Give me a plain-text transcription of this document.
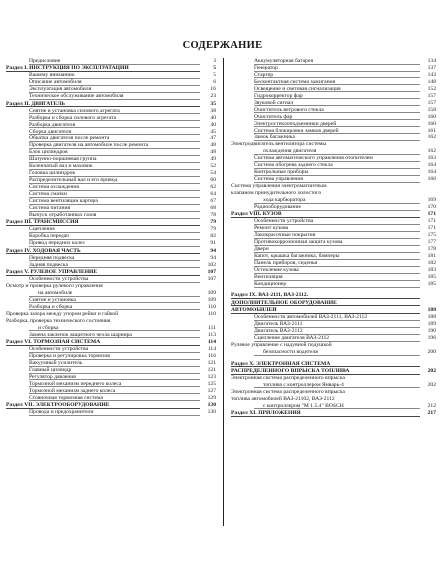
СОДЕРЖАНИЕ
Предисловие	3
Раздел I. ИНСТРУКЦИЯ ПО ЭКСПЛУАТАЦИИ	5
Вашему вниманию	5
Описание автомобиля	6
Эксплуатация автомобиля	16
Техническое обслуживание автомобиля	23
Раздел II. ДВИГАТЕЛЬ	35
Снятие и установка силового агрегата	38
Разборка и сборка силового агрегата	40
Разборка двигателя	40
Сборка двигателя	45
Обкатка двигателя после ремонта	47
Проверка двигателя на автомобиле после ремонта	48
Блок цилиндров	48
Шатунно-поршневая группа	49
Коленчатый вал и маховик	52
Головка цилиндров	54
Распределительный вал и его привод	60
Система охлаждения	62
Система смазки	64
Система вентиляции картера	67
Система питания	68
Выпуск отработанных газов	78
Раздел III. ТРАНСМИССИЯ	79
Сцепление	79
Коробка передач	82
Привод передних колес	91
Раздел IV. ХОДОВАЯ ЧАСТЬ	94
Передняя подвеска	94
Задняя подвеска	102
Раздел V. РУЛЕВОЕ УПРАВЛЕНИЕ	107
Особенности устройства	107
Осмотр и проверка рулевого управления
на автомобиле	109
Снятие и установка	109
Разборка и сборка	110
Проверка зазора между упором рейки и гайкой	110
Разборка, проверка технического состояния
и сборка	111
Замена заклепок защитного чехла шарнира	113
Раздел VI. ТОРМОЗНАЯ СИСТЕМА	114
Особенности устройства	114
Проверка и регулировка тормозов	116
Вакуумный усилитель	121
Главный цилиндр	121
Регулятор давления	123
Тормозной механизм переднего колеса	125
Тормозной механизм заднего колеса	127
Стояночная тормозная система	129
Раздел VII. ЭЛЕКТРООБОРУДОВАНИЕ	130
Провода и предохранители	130
Аккумуляторная батарея	134
Генератор	137
Стартер	143
Бесконтактная система зажигания	148
Освещение и световая сигнализация	152
Гидрокорректор фар	157
Звуковой сигнал	157
Очиститель ветрового стекла	158
Очиститель фар	160
Электростеклоподъемники дверей	160
Система блокировки замков дверей	161
Замок багажника	162
Электродвигатель вентилятора системы
охлаждения двигателя	162
Система автоматического управления отопителем	163
Система обогрева заднего стекла	164
Контрольные приборы	164
Система управления	166
Система управления электромагнитным
клапаном принудительного холостого
хода карбюратора	169
Радиооборудование	170
Раздел VIII. КУЗОВ	171
Особенности устройства	171
Ремонт кузова	171
Лакокрасочные покрытия	175
Противокоррозионная защита кузова	177
Двери	178
Капот, крышка багажника, бамперы	181
Панель приборов, сиденья	182
Остекление кузова	183
Вентиляция	185
Кондиционер	185
Раздел IX. ВАЗ-2111, ВАЗ-2112.
ДОПОЛНИТЕЛЬНОЕ ОБОРУДОВАНИЕ
АВТОМОБИЛЕЙ	188
Особенности автомобилей ВАЗ-2111, ВАЗ-2112	188
Двигатель ВАЗ-2111	189
Двигатель ВАЗ-2112	190
Сцепление двигателя ВАЗ-2112	196
Рулевое управление с надувной подушкой
безопасности водителя	200
Раздел Х. ЭЛЕКТРОННАЯ СИСТЕМА
РАСПРЕДЕЛЕННОГО ВПРЫСКА ТОПЛИВА	202
Электронная система распределенного впрыска
топлива с контроллером Январь-4	202
Электронная система распределенного впрыска
топлива автомобилей ВАЗ-21102, ВАЗ-2112
с контроллером "M 1.5.4" BOSCH	212
Раздел XI. ПРИЛОЖЕНИЯ	217
